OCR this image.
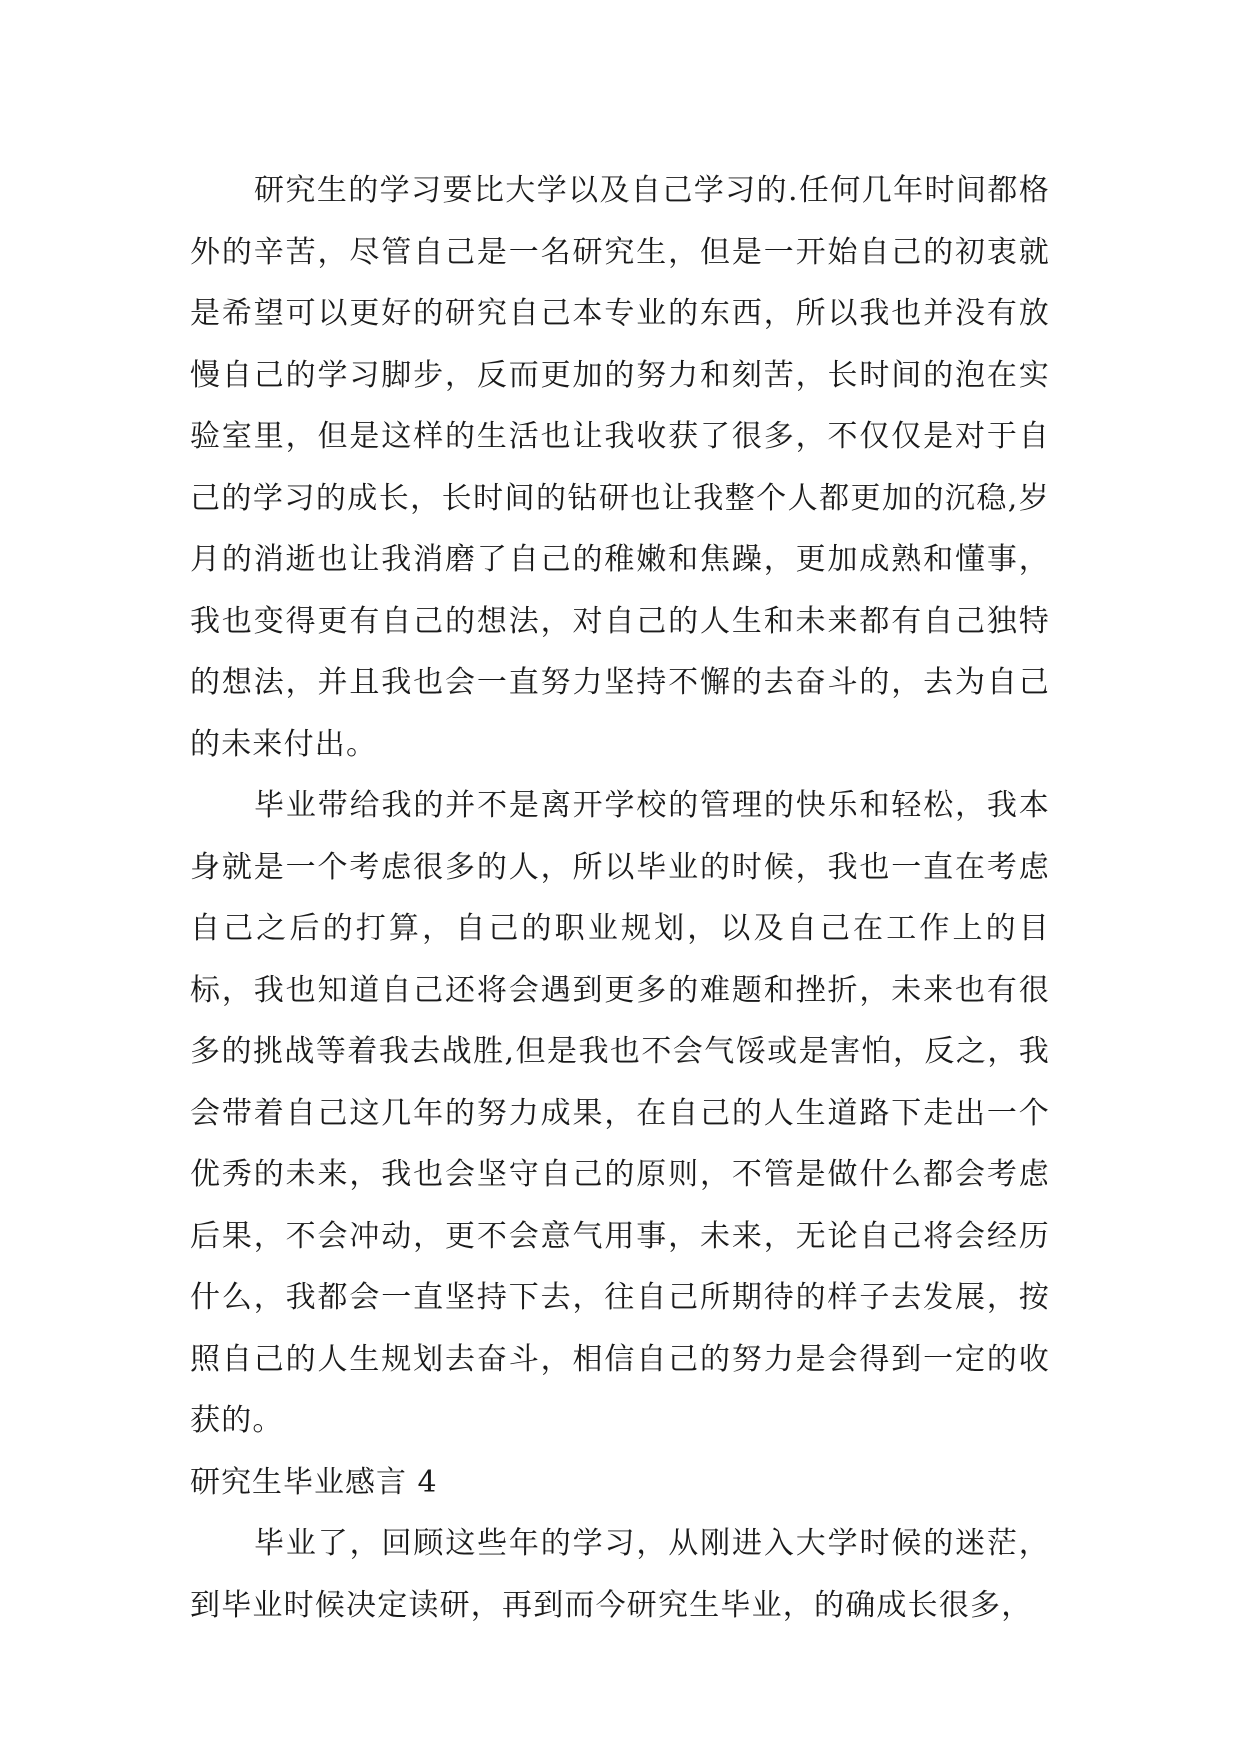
研究生的学习要比大学以及自己学习的.任何几年时间都格外的辛苦，尽管自己是一名研究生，但是一开始自己的初衷就是希望可以更好的研究自己本专业的东西，所以我也并没有放慢自己的学习脚步，反而更加的努力和刻苦，长时间的泡在实验室里，但是这样的生活也让我收获了很多，不仅仅是对于自己的学习的成长，长时间的钻研也让我整个人都更加的沉稳,岁月的消逝也让我消磨了自己的稚嫩和焦躁，更加成熟和懂事，我也变得更有自己的想法，对自己的人生和未来都有自己独特的想法，并且我也会一直努力坚持不懈的去奋斗的，去为自己的未来付出。

毕业带给我的并不是离开学校的管理的快乐和轻松，我本身就是一个考虑很多的人，所以毕业的时候，我也一直在考虑自己之后的打算，自己的职业规划，以及自己在工作上的目标，我也知道自己还将会遇到更多的难题和挫折，未来也有很多的挑战等着我去战胜,但是我也不会气馁或是害怕，反之，我会带着自己这几年的努力成果，在自己的人生道路下走出一个优秀的未来，我也会坚守自己的原则，不管是做什么都会考虑后果，不会冲动，更不会意气用事，未来，无论自己将会经历什么，我都会一直坚持下去，往自己所期待的样子去发展，按照自己的人生规划去奋斗，相信自己的努力是会得到一定的收获的。

研究生毕业感言 4

毕业了，回顾这些年的学习，从刚进入大学时候的迷茫，到毕业时候决定读研，再到而今研究生毕业，的确成长很多，
